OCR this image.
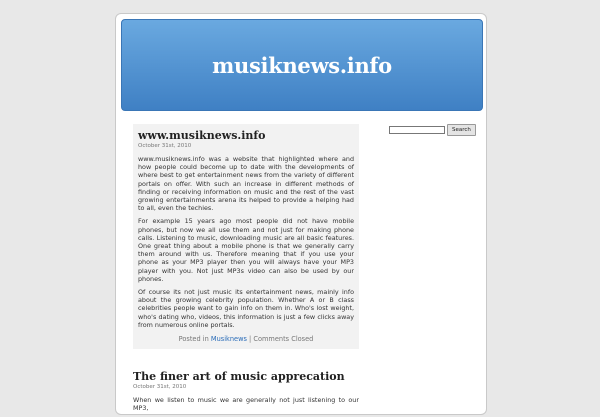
musiknews.info
www.musiknews.info
October 31st, 2010

www.musiknews.info was a website that highlighted where and how people could become up to date with the developments of where best to get entertainment news from the variety of different portals on offer. With such an increase in different methods of finding or receiving information on music and the rest of the vast growing entertainments arena its helped to provide a helping had to all, even the techies.

For example 15 years ago most people did not have mobile phones, but now we all use them and not just for making phone calls. Listening to music, downloading music are all basic features. One great thing about a mobile phone is that we generally carry them around with us. Therefore meaning that if you use your phone as your MP3 player then you will always have your MP3 player with you. Not just MP3s video can also be used by our phones.

Of course its not just music its entertainment news, mainly info about the growing celebrity population. Whether A or B class celebrities people want to gain info on them in. Who's lost weight, who's dating who, videos, this information is just a few clicks away from numerous online portals.

Posted in Musiknews | Comments Closed
The finer art of music apprecation
October 31st, 2010

When we listen to music we are generally not just listening to our MP3,

Search
